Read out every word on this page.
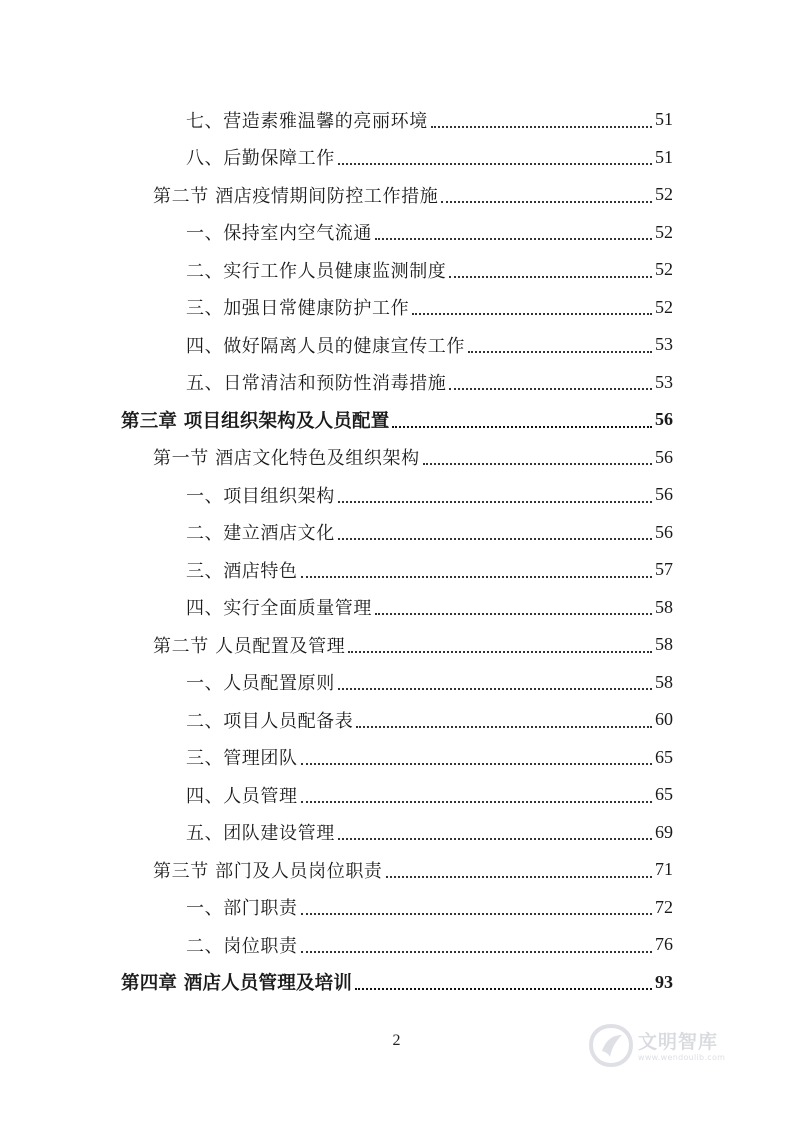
七、营造素雅温馨的亮丽环境	51
八、后勤保障工作	51
第二节 酒店疫情期间防控工作措施	52
一、保持室内空气流通	52
二、实行工作人员健康监测制度	52
三、加强日常健康防护工作	52
四、做好隔离人员的健康宣传工作	53
五、日常清洁和预防性消毒措施	53
第三章 项目组织架构及人员配置	56
第一节 酒店文化特色及组织架构	56
一、项目组织架构	56
二、建立酒店文化	56
三、酒店特色	57
四、实行全面质量管理	58
第二节 人员配置及管理	58
一、人员配置原则	58
二、项目人员配备表	60
三、管理团队	65
四、人员管理	65
五、团队建设管理	69
第三节 部门及人员岗位职责	71
一、部门职责	72
二、岗位职责	76
第四章 酒店人员管理及培训	93
2	文明智库
www.wendoulib.com
